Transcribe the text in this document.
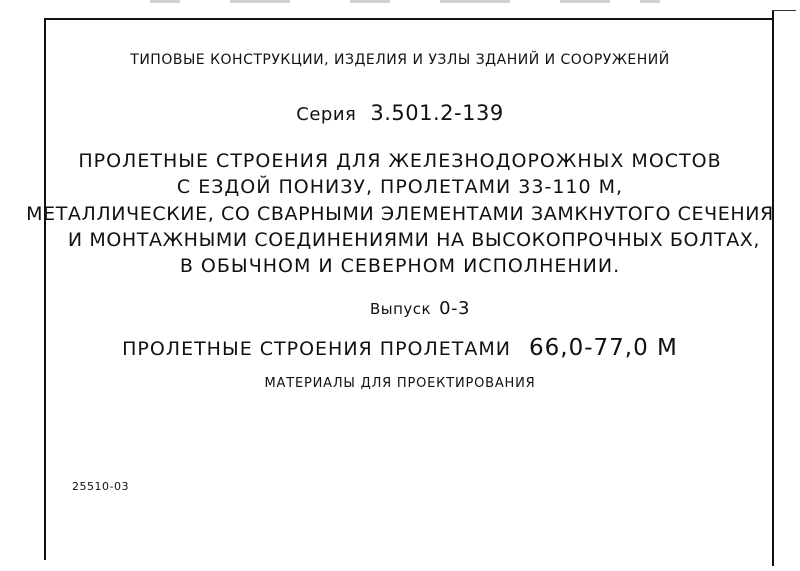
ТИПОВЫЕ КОНСТРУКЦИИ, ИЗДЕЛИЯ И УЗЛЫ ЗДАНИЙ И СООРУЖЕНИЙ
Серия 3.501.2-139
ПРОЛЕТНЫЕ СТРОЕНИЯ ДЛЯ ЖЕЛЕЗНОДОРОЖНЫХ МОСТОВ
С ЕЗДОЙ ПОНИЗУ, ПРОЛЕТАМИ 33-110 М,
МЕТАЛЛИЧЕСКИЕ, СО СВАРНЫМИ ЭЛЕМЕНТАМИ ЗАМКНУТОГО СЕЧЕНИЯ
И МОНТАЖНЫМИ СОЕДИНЕНИЯМИ НА ВЫСОКОПРОЧНЫХ БОЛТАХ,
В ОБЫЧНОМ И СЕВЕРНОМ ИСПОЛНЕНИИ.
Выпуск 0-3
ПРОЛЕТНЫЕ СТРОЕНИЯ ПРОЛЕТАМИ 66,0-77,0 М
МАТЕРИАЛЫ ДЛЯ ПРОЕКТИРОВАНИЯ
25510-03
